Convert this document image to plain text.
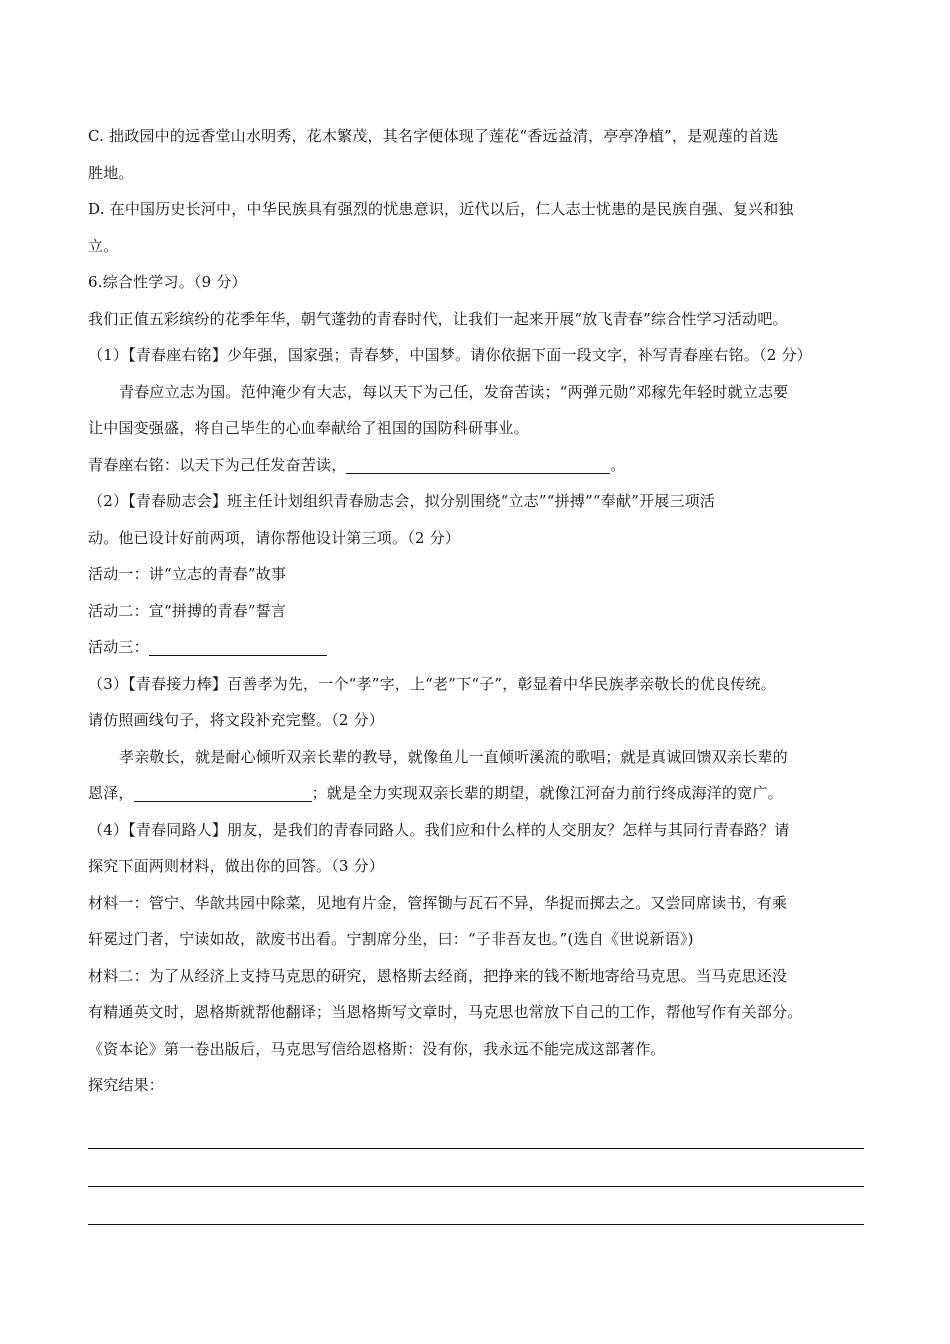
C. 拙政园中的远香堂山水明秀，花木繁茂，其名字便体现了莲花“香远益清，亭亭净植”，是观莲的首选
胜地。
D. 在中国历史长河中，中华民族具有强烈的忧患意识，近代以后，仁人志士忧患的是民族自强、复兴和独
立。
6.综合性学习。（9 分）
我们正值五彩缤纷的花季年华，朝气蓬勃的青春时代，让我们一起来开展“放飞青春”综合性学习活动吧。
（1）【青春座右铭】少年强，国家强；青春梦，中国梦。请你依据下面一段文字，补写青春座右铭。（2 分）
青春应立志为国。范仲淹少有大志，每以天下为己任，发奋苦读；“两弹元勋”邓稼先年轻时就立志要
让中国变强盛，将自己毕生的心血奉献给了祖国的国防科研事业。
青春座右铭：以天下为己任发奋苦读，	。
（2）【青春励志会】班主任计划组织青春励志会，拟分别围绕“立志”“拼搏”“奉献”开展三项活
动。他已设计好前两项，请你帮他设计第三项。（2 分）
活动一：讲“立志的青春”故事
活动二：宣“拼搏的青春”誓言
活动三：
（3）【青春接力棒】百善孝为先，一个“孝”字，上“老”下“子”，彰显着中华民族孝亲敬长的优良传统。
请仿照画线句子，将文段补充完整。（2 分）
孝亲敬长，就是耐心倾听双亲长辈的教导，就像鱼儿一直倾听溪流的歌唱；就是真诚回馈双亲长辈的
恩泽，	；就是全力实现双亲长辈的期望，就像江河奋力前行终成海洋的宽广。
（4）【青春同路人】朋友，是我们的青春同路人。我们应和什么样的人交朋友？怎样与其同行青春路？请
探究下面两则材料，做出你的回答。（3 分）
材料一：管宁、华歆共园中除菜，见地有片金，管挥锄与瓦石不异，华捉而掷去之。又尝同席读书，有乘
轩冕过门者，宁读如故，歆废书出看。宁割席分坐，曰：“子非吾友也。”(选自《世说新语》)
材料二：为了从经济上支持马克思的研究，恩格斯去经商，把挣来的钱不断地寄给马克思。当马克思还没
有精通英文时，恩格斯就帮他翻译；当恩格斯写文章时，马克思也常放下自己的工作，帮他写作有关部分。
《资本论》第一卷出版后，马克思写信给恩格斯：没有你，我永远不能完成这部著作。
探究结果：
